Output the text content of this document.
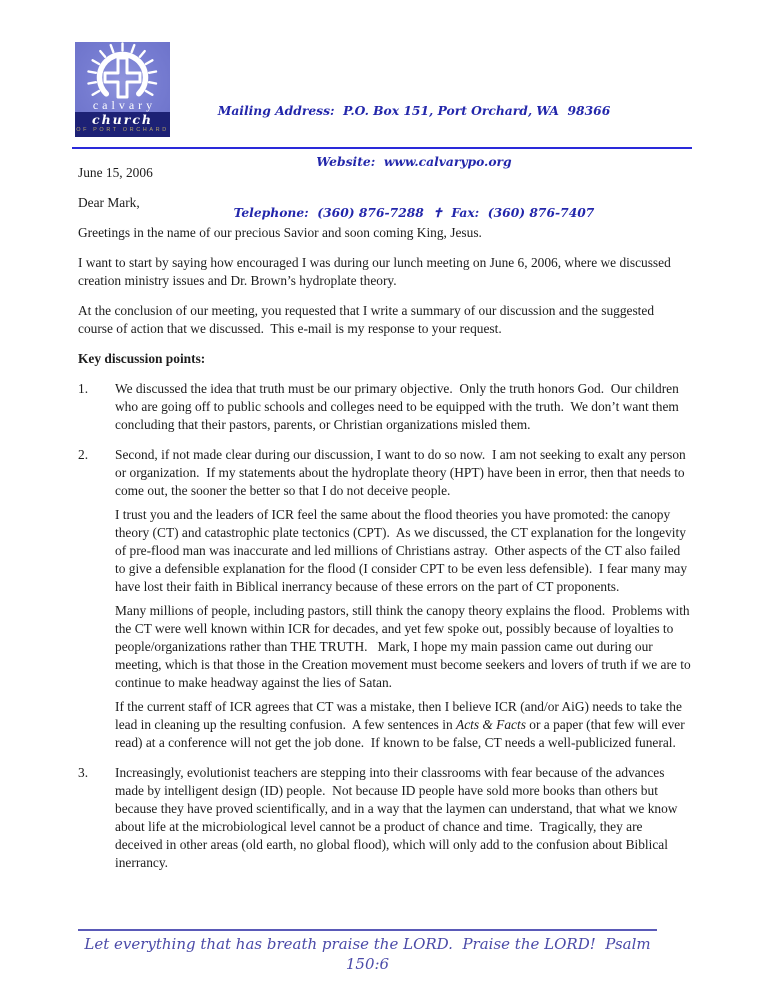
calvary
church
OF PORT ORCHARD

Mailing Address: P.O. Box 151, Port Orchard, WA  98366

Website: www.calvarypo.org

Telephone: (360) 876-7288 ✝ Fax: (360) 876-7407

June 15, 2006

Dear Mark,

Greetings in the name of our precious Savior and soon coming King, Jesus.

I want to start by saying how encouraged I was during our lunch meeting on June 6, 2006, where we discussed creation ministry issues and Dr. Brown’s hydroplate theory.

At the conclusion of our meeting, you requested that I write a summary of our discussion and the suggested course of action that we discussed.  This e-mail is my response to your request.

Key discussion points:

1.	We discussed the idea that truth must be our primary objective.  Only the truth honors God.  Our children who are going off to public schools and colleges need to be equipped with the truth.  We don’t want them concluding that their pastors, parents, or Christian organizations misled them.

2.	Second, if not made clear during our discussion, I want to do so now.  I am not seeking to exalt any person or organization.  If my statements about the hydroplate theory (HPT) have been in error, then that needs to come out, the sooner the better so that I do not deceive people.

I trust you and the leaders of ICR feel the same about the flood theories you have promoted: the canopy theory (CT) and catastrophic plate tectonics (CPT).  As we discussed, the CT explanation for the longevity of pre-flood man was inaccurate and led millions of Christians astray.  Other aspects of the CT also failed to give a defensible explanation for the flood (I consider CPT to be even less defensible).  I fear many may have lost their faith in Biblical inerrancy because of these errors on the part of CT proponents.

Many millions of people, including pastors, still think the canopy theory explains the flood.  Problems with the CT were well known within ICR for decades, and yet few spoke out, possibly because of loyalties to people/organizations rather than THE TRUTH.   Mark, I hope my main passion came out during our meeting, which is that those in the Creation movement must become seekers and lovers of truth if we are to continue to make headway against the lies of Satan.

If the current staff of ICR agrees that CT was a mistake, then I believe ICR (and/or AiG) needs to take the lead in cleaning up the resulting confusion.  A few sentences in Acts & Facts or a paper (that few will ever read) at a conference will not get the job done.  If known to be false, CT needs a well-publicized funeral.

3.	Increasingly, evolutionist teachers are stepping into their classrooms with fear because of the advances made by intelligent design (ID) people.  Not because ID people have sold more books than others but because they have proved scientifically, and in a way that the laymen can understand, that what we know about life at the microbiological level cannot be a product of chance and time.  Tragically, they are deceived in other areas (old earth, no global flood), which will only add to the confusion about Biblical inerrancy.

Let everything that has breath praise the LORD.  Praise the LORD!  Psalm 150:6
